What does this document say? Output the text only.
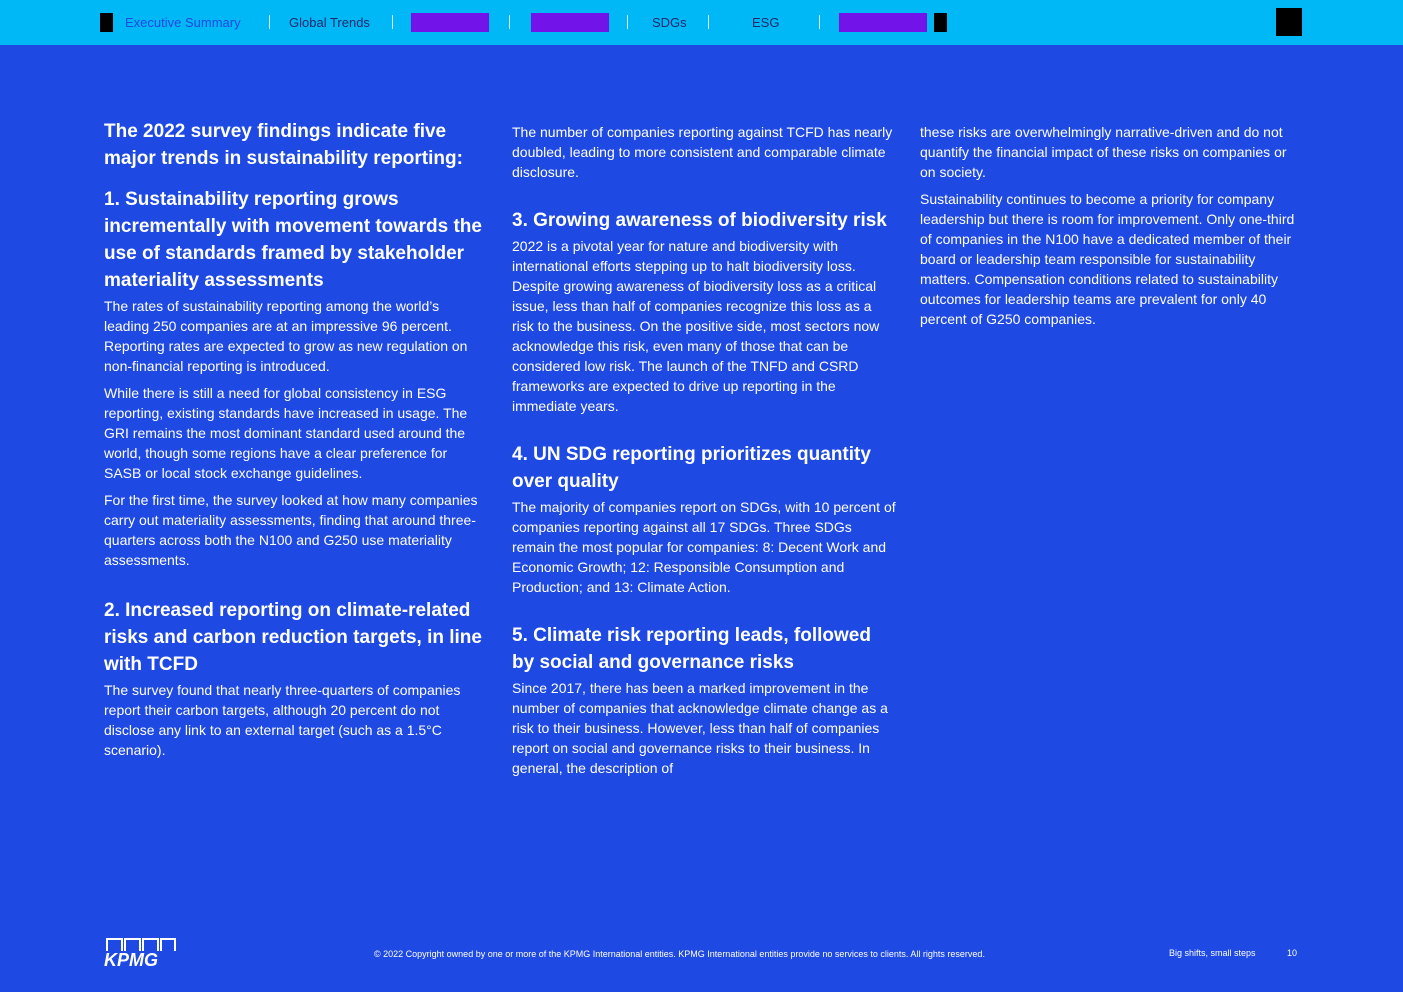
Executive Summary	Global Trends	SDGs	ESG
The 2022 survey findings indicate five major trends in sustainability reporting:
1. Sustainability reporting grows incrementally with movement towards the use of standards framed by stakeholder materiality assessments

The rates of sustainability reporting among the world’s leading 250 companies are at an impressive 96 percent. Reporting rates are expected to grow as new regulation on non-financial reporting is introduced.

While there is still a need for global consistency in ESG reporting, existing standards have increased in usage. The GRI remains the most dominant standard used around the world, though some regions have a clear preference for SASB or local stock exchange guidelines.

For the first time, the survey looked at how many companies carry out materiality assessments, finding that around three-quarters across both the N100 and G250 use materiality assessments.

2. Increased reporting on climate-related risks and carbon reduction targets, in line with TCFD

The survey found that nearly three-quarters of companies report their carbon targets, although 20 percent do not disclose any link to an external target (such as a 1.5°C scenario).

The number of companies reporting against TCFD has nearly doubled, leading to more consistent and comparable climate disclosure.

3. Growing awareness of biodiversity risk

2022 is a pivotal year for nature and biodiversity with international efforts stepping up to halt biodiversity loss. Despite growing awareness of biodiversity loss as a critical issue, less than half of companies recognize this loss as a risk to the business. On the positive side, most sectors now acknowledge this risk, even many of those that can be considered low risk. The launch of the TNFD and CSRD frameworks are expected to drive up reporting in the immediate years.

4. UN SDG reporting prioritizes quantity over quality

The majority of companies report on SDGs, with 10 percent of companies reporting against all 17 SDGs. Three SDGs remain the most popular for companies: 8: Decent Work and Economic Growth; 12: Responsible Consumption and Production; and 13: Climate Action.

5. Climate risk reporting leads, followed by social and governance risks

Since 2017, there has been a marked improvement in the number of companies that acknowledge climate change as a risk to their business. However, less than half of companies report on social and governance risks to their business. In general, the description of

these risks are overwhelmingly narrative-driven and do not quantify the financial impact of these risks on companies or on society.

Sustainability continues to become a priority for company leadership but there is room for improvement. Only one-third of companies in the N100 have a dedicated member of their board or leadership team responsible for sustainability matters. Compensation conditions related to sustainability outcomes for leadership teams are prevalent for only 40 percent of G250 companies.

KPMG	© 2022 Copyright owned by one or more of the KPMG International entities. KPMG International entities provide no services to clients. All rights reserved.	Big shifts, small steps	10
